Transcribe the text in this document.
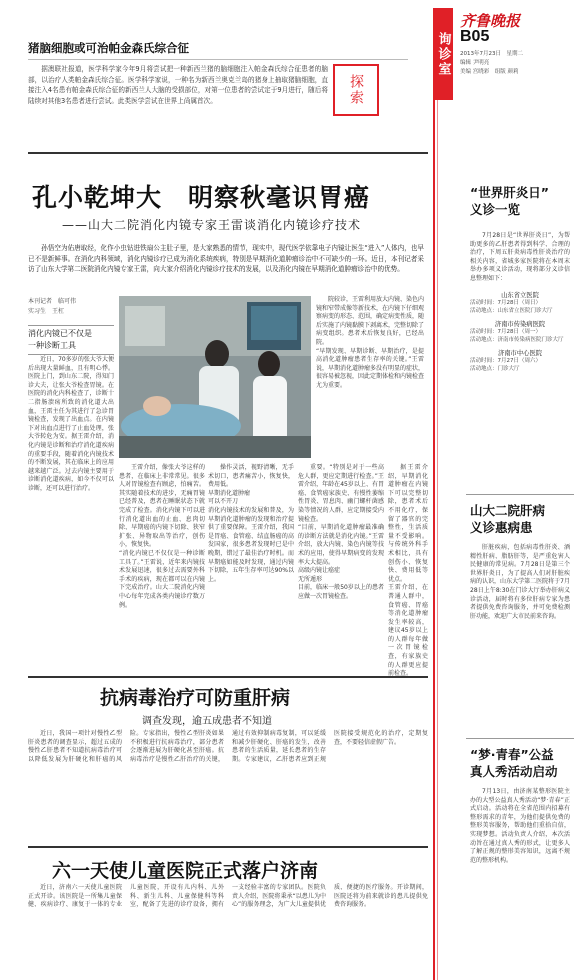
猪脑细胞或可治帕金森氏综合征
据澳联社报道，医学科学家今年9月将尝试把一种新西兰猪的脑细胞注入帕金森氏综合征患者的脑部，以治疗人类帕金森氏综合征。医学科学家说，一种名为新西兰奥克兰岛的猪身上抽取猪脑细胞，直接注入4名患有帕金森氏综合征的新西兰人大脑的受损部位，对第一位患者的尝试定于9月进行，随后将陆续对其他3名患者进行尝试。此类医学尝试在世界上尚属首次。	探索
询诊室
齐鲁晚报
B05
2013年7月23日　星期二
编辑 尹明亮
美编 宫晓彩　组版 颜莉
孔小乾坤大　明察秋毫识胃癌
——山大二院消化内镜专家王雷谈消化内镜诊疗技术
孙悟空为佑唐取经，化作小虫钻进铁扇公主肚子里，是大家熟悉的情节，现实中，现代医学依靠电子内镜让医生“进入”人体内，也早已不是新鲜事。在消化内科领域，消化内镜诊疗已成为消化系统疾病，特别是早期消化道肿瘤诊治中不可缺少的一环。近日，本刊记者采访了山东大学第二医院消化内镜专家王雷，向大家介绍消化内镜诊疗技术的发展，以及消化内镜在早期消化道肿瘤诊治中的优势。
本刊记者　临可伟
实习生　王杠
消化内镜已不仅是
一种诊断工具
近日，70多岁的张大爷大便后出现大量鲜血，且有明心悸。医院上门，到山东二院，得知门诊大夫，让张大爷检查胃镜。在医院的消化内科检查了，诊断十二指肠溃疡所致的消化道大出血，王雷主任为其进行了急诊胃镜检查，发现了出血点。在内镜下对出血点进行了止血处理，张大爷转危为安。据王雷介绍，消化内镜是诊断和治疗消化道疾病的重要手段，随着消化内镜技术的不断发展，其在临床上的应用越来越广泛。过去内镜主要用于诊断消化道疾病，如今不仅可以诊断，还可以进行治疗。
王雷介绍，像张大爷这样的患者，在临床上非常常见。很多人对胃镜检查有顾虑，怕痛苦。其实随着技术的进步，无痛胃镜已经普及，患者在睡眠状态下就完成了检查。消化内镜下可以进行消化道出血的止血、息肉切除、早期癌的内镜下切除、狭窄扩张、异物取出等治疗，创伤小，恢复快。
“消化内镜已不仅仅是一种诊断工具了。”王雷说，近年来内镜技术发展迅速，很多过去需要外科手术的疾病，现在都可以在内镜下完成治疗。山大二院消化内镜中心每年完成各类内镜诊疗数万例。
操作灵活，视野清晰，无手术切口，患者痛苦小，恢复快，费用低。
早期消化道肿瘤
可以不开刀
消化内镜技术的发展和普及，为早期消化道肿瘤的发现和治疗提供了重要保障。王雷介绍，我国是胃癌、食管癌、结直肠癌的高发国家，很多患者发现时已是中晚期，错过了最佳治疗时机。而早期癌如能及时发现，通过内镜下切除，五年生存率可达90%以上。
重要。“特别是对于一些高危人群，更应定期进行检查。”王雷介绍，年龄在45岁以上、有胃癌、食管癌家族史、有慢性萎缩性胃炎、胃息肉、幽门螺杆菌感染等情况的人群，应定期接受内镜检查。
“目前，早期消化道肿瘤最准确的诊断方法就是消化内镜。”王雷介绍，放大内镜、染色内镜等技术的应用，使得早期病变的发现率大大提高。
高级内镜让癌症
无所遁形
目前，临床一般50岁以上的患者应做一次胃镜检查。
院较诊，王雷利用放大内镜、染色内镜和窄带成像等新技术，在内镜下仔细观察病变的形态、范围，确定病变性质，随后实施了内镜黏膜下剥离术，完整切除了病变组织。患者术后恢复良好，已经出院。
“早期发现、早期诊断、早期治疗，是提高消化道肿瘤患者生存率的关键。”王雷说，早期消化道肿瘤多没有明显的症状，很容易被忽视，因此定期体检和内镜检查尤为重要。
据王雷介绍，早期消化道肿瘤在内镜下可以完整切除，患者术后不用化疗，保留了器官的完整性，生活质量不受影响。与传统外科手术相比，具有创伤小、恢复快、费用低等优点。
王雷介绍，在普通人群中，食管癌、胃癌等消化道肿瘤发生率较高，建议45岁以上的人群每年做一次胃镜检查，有家族史的人群更应提前检查。
抗病毒治疗可防重肝病
调查发现，逾五成患者不知道
近日，我国一项针对慢性乙型肝炎患者的调查显示，超过五成的慢性乙肝患者不知道抗病毒治疗可以降低发展为肝硬化和肝癌的风险。专家指出，慢性乙型肝炎如果不积极进行抗病毒治疗，部分患者会逐渐进展为肝硬化甚至肝癌。抗病毒治疗是慢性乙肝治疗的关键，通过有效抑制病毒复制，可以延缓和减少肝硬化、肝癌的发生，改善患者的生活质量，延长患者的生存期。专家建议，乙肝患者应到正规医院接受规范化的治疗，定期复查，不要轻信虚假广告。
六一天使儿童医院正式落户济南
近日，济南六一天使儿童医院正式开诊。该医院是一所集儿童保健、疾病诊疗、康复于一体的专业儿童医院，开设有儿内科、儿外科、新生儿科、儿童保健科等科室，配备了先进的诊疗设备，拥有一支经验丰富的专家团队。医院负责人介绍，医院将秉承“以患儿为中心”的服务理念，为广大儿童提供优质、便捷的医疗服务。开诊期间，医院还将为前来就诊的患儿提供免费咨询服务。
“世界肝炎日”
义诊一览
7月28日是“世界肝炎日”，为帮助更多的乙肝患者得到科学、合理的治疗，下周五肝炎病毒性肝炎治疗的相关内容，省城多家医院将在本周末举办多项义诊活动，现将部分义诊信息整理如下：
山东省立医院
活动时间：7月28日（周日）
活动地点：山东省立医院门诊大厅
济南市传染病医院
活动时间：7月28日（周一）
活动地点：济南市传染病医院门诊大厅
济南市中心医院
活动时间：7月27日（周六）
活动地点：门诊大厅
山大二院肝病
义诊惠病患
肝脏疾病，包括病毒性肝炎、酒精性肝病、脂肪肝等，是严重危害人民健康的常见病。7月28日是第三个世界肝炎日，为了提高人们对肝脏疾病的认识，山东大学第二医院将于7月28日上午8:30在门诊大厅举办肝病义诊活动，届时将有多位肝病专家为患者提供免费咨询服务，并可免费检测肝功能，欢迎广大市民前来咨询。
“梦·青春”公益
真人秀活动启动
7月13日，由济南某整形医院主办的大型公益真人秀活动“梦·青春”正式启动。活动将在全省范围内招募有整形需求的青年，为他们提供免费的整形美容服务，帮助他们重拾自信，实现梦想。活动负责人介绍，本次活动旨在通过真人秀的形式，让更多人了解正规的整形美容知识，远离不规范的整形机构。
